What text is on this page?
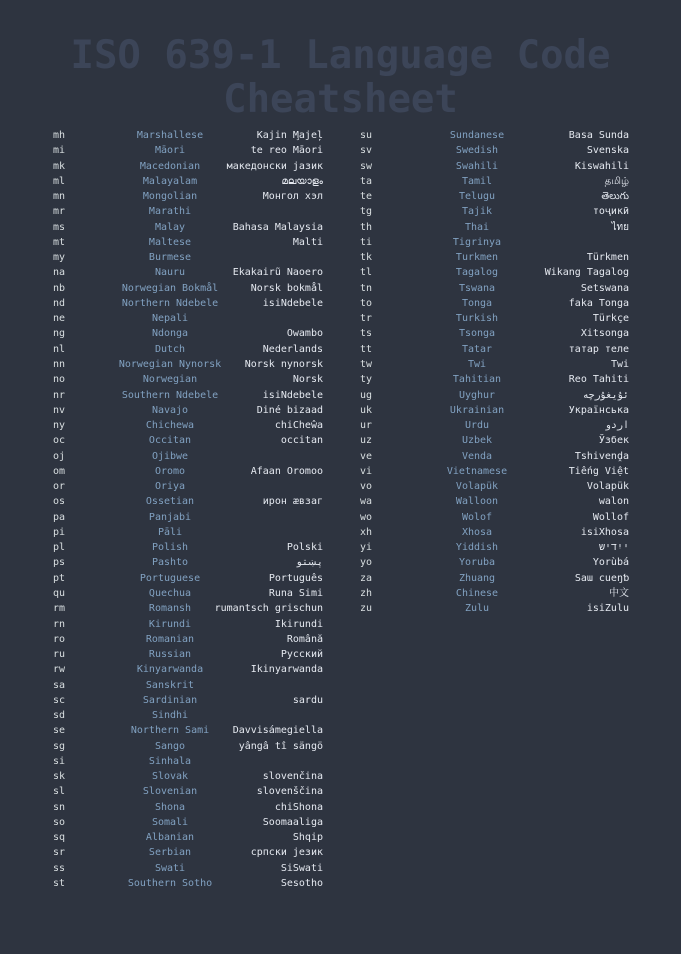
ISO 639-1 Language Code
Cheatsheet
mh	Marshallese	Kajin M̧ajeļ
mi	Māori	te reo Māori
mk	Macedonian	македонски јазик
ml	Malayalam	മലയാളം
mn	Mongolian	Монгол хэл
mr	Marathi
ms	Malay	Bahasa Malaysia
mt	Maltese	Malti
my	Burmese
na	Nauru	Ekakairũ Naoero
nb	Norwegian Bokmål	Norsk bokmål
nd	Northern Ndebele	isiNdebele
ne	Nepali
ng	Ndonga	Owambo
nl	Dutch	Nederlands
nn	Norwegian Nynorsk	Norsk nynorsk
no	Norwegian	Norsk
nr	Southern Ndebele	isiNdebele
nv	Navajo	Diné bizaad
ny	Chichewa	chiCheŵa
oc	Occitan	occitan
oj	Ojibwe
om	Oromo	Afaan Oromoo
or	Oriya
os	Ossetian	ирон æвзаг
pa	Panjabi
pi	Pāli
pl	Polish	Polski
ps	Pashto	پښتو
pt	Portuguese	Português
qu	Quechua	Runa Simi
rm	Romansh	rumantsch grischun
rn	Kirundi	Ikirundi
ro	Romanian	Română
ru	Russian	Русский
rw	Kinyarwanda	Ikinyarwanda
sa	Sanskrit
sc	Sardinian	sardu
sd	Sindhi
se	Northern Sami	Davvisámegiella
sg	Sango	yângâ tî sängö
si	Sinhala
sk	Slovak	slovenčina
sl	Slovenian	slovenščina
sn	Shona	chiShona
so	Somali	Soomaaliga
sq	Albanian	Shqip
sr	Serbian	српски језик
ss	Swati	SiSwati
st	Southern Sotho	Sesotho
su	Sundanese	Basa Sunda
sv	Swedish	Svenska
sw	Swahili	Kiswahili
ta	Tamil	தமிழ்
te	Telugu	తెలుగు
tg	Tajik	тоҷикӣ
th	Thai	ไทย
ti	Tigrinya
tk	Turkmen	Türkmen
tl	Tagalog	Wikang Tagalog
tn	Tswana	Setswana
to	Tonga	faka Tonga
tr	Turkish	Türkçe
ts	Tsonga	Xitsonga
tt	Tatar	татар теле
tw	Twi	Twi
ty	Tahitian	Reo Tahiti
ug	Uyghur	ئۇيغۇرچە
uk	Ukrainian	Українська
ur	Urdu	اردو
uz	Uzbek	Ўзбек
ve	Venda	Tshivenḓa
vi	Vietnamese	Tiếng Việt
vo	Volapük	Volapük
wa	Walloon	walon
wo	Wolof	Wollof
xh	Xhosa	isiXhosa
yi	Yiddish	ייִדיש
yo	Yoruba	Yorùbá
za	Zhuang	Saɯ cueŋƅ
zh	Chinese	中文
zu	Zulu	isiZulu
